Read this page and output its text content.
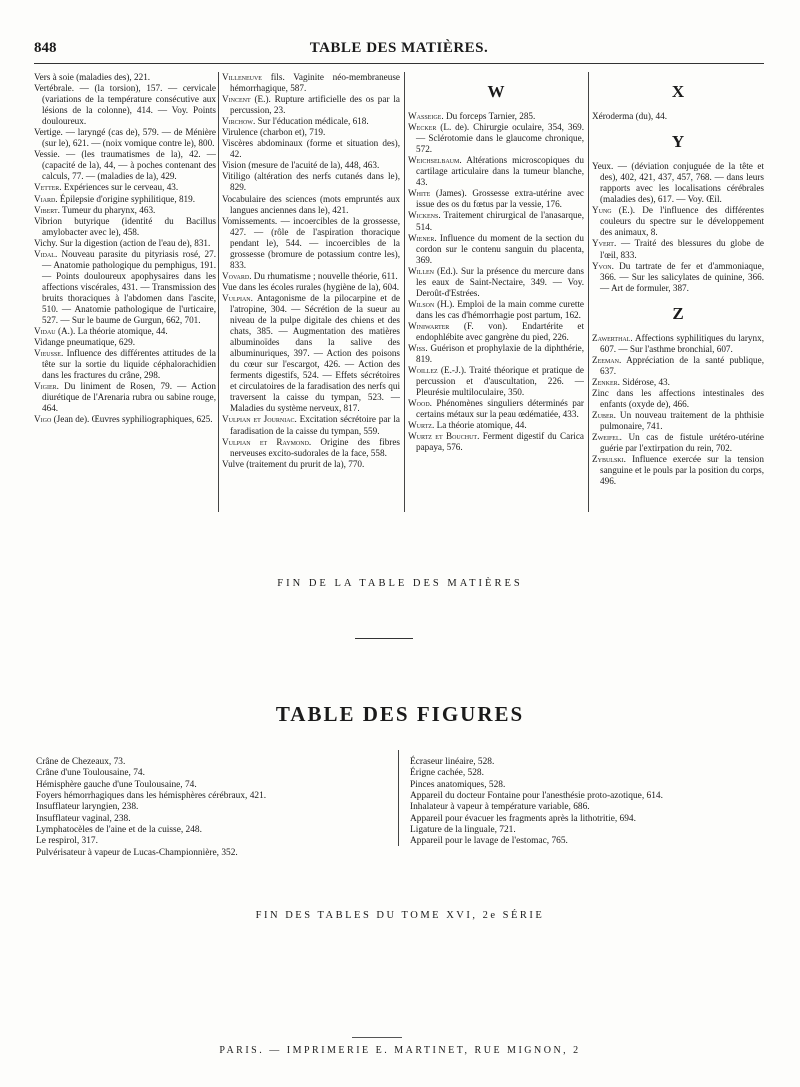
848	TABLE DES MATIÈRES.

Vers à soie (maladies des), 221.

Vertébrale. — (la torsion), 157. — cervicale (variations de la température consécutive aux lésions de la colonne), 414. — Voy. Points douloureux.

Vertige. — laryngé (cas de), 579. — de Ménière (sur le), 621. — (noix vomique contre le), 800.

Vessie. — (les traumatismes de la), 42. — (capacité de la), 44, — à poches contenant des calculs, 77. — (maladies de la), 429.

Vetter. Expériences sur le cerveau, 43.

Viard. Épilepsie d'origine syphilitique, 819.

Vibert. Tumeur du pharynx, 463.

Vibrion butyrique (identité du Bacillus amylobacter avec le), 458.

Vichy. Sur la digestion (action de l'eau de), 831.

Vidal. Nouveau parasite du pityriasis rosé, 27. — Anatomie pathologique du pemphigus, 191. — Points douloureux apophysaires dans les affections viscérales, 431. — Transmission des bruits thoraciques à l'abdomen dans l'ascite, 510. — Anatomie pathologique de l'urticaire, 527. — Sur le baume de Gurgun, 662, 701.

Vidau (A.). La théorie atomique, 44.

Vidange pneumatique, 629.

Vieusse. Influence des différentes attitudes de la tête sur la sortie du liquide céphalorachidien dans les fractures du crâne, 298.

Vigier. Du liniment de Rosen, 79. — Action diurétique de l'Arenaria rubra ou sabine rouge, 464.

Vigo (Jean de). Œuvres syphiliographiques, 625.

Villeneuve fils. Vaginite néo-membraneuse hémorrhagique, 587.

Vincent (E.). Rupture artificielle des os par la percussion, 23.

Virchow. Sur l'éducation médicale, 618.

Virulence (charbon et), 719.

Viscères abdominaux (forme et situation des), 42.

Vision (mesure de l'acuité de la), 448, 463.

Vitiligo (altération des nerfs cutanés dans le), 829.

Vocabulaire des sciences (mots empruntés aux langues anciennes dans le), 421.

Vomissements. — incoercibles de la grossesse, 427. — (rôle de l'aspiration thoracique pendant le), 544. — incoercibles de la grossesse (bromure de potassium contre les), 833.

Vovard. Du rhumatisme ; nouvelle théorie, 611.

Vue dans les écoles rurales (hygiène de la), 604.

Vulpian. Antagonisme de la pilocarpine et de l'atropine, 304. — Sécrétion de la sueur au niveau de la pulpe digitale des chiens et des chats, 385. — Augmentation des matières albuminoïdes dans la salive des albuminuriques, 397. — Action des poisons du cœur sur l'escargot, 426. — Action des ferments digestifs, 524. — Effets sécrétoires et circulatoires de la faradisation des nerfs qui traversent la caisse du tympan, 523. — Maladies du système nerveux, 817.

Vulpian et Journiac. Excitation sécrétoire par la faradisation de la caisse du tympan, 559.

Vulpian et Raymond. Origine des fibres nerveuses excito-sudorales de la face, 558.

Vulve (traitement du prurit de la), 770.

W

Wasseige. Du forceps Tarnier, 285.

Wecker (L. de). Chirurgie oculaire, 354, 369. — Sclérotomie dans le glaucome chronique, 572.

Weichselbaum. Altérations microscopiques du cartilage articulaire dans la tumeur blanche, 43.

White (James). Grossesse extra-utérine avec issue des os du fœtus par la vessie, 176.

Wickens. Traitement chirurgical de l'anasarque, 514.

Wiener. Influence du moment de la section du cordon sur le contenu sanguin du placenta, 369.

Willen (Ed.). Sur la présence du mercure dans les eaux de Saint-Nectaire, 349. — Voy. Deroût-d'Estrées.

Wilson (H.). Emploi de la main comme curette dans les cas d'hémorrhagie post partum, 162.

Winiwarter (F. von). Endartérite et endophlébite avec gangrène du pied, 226.

Wiss. Guérison et prophylaxie de la diphthérie, 819.

Woillez (E.-J.). Traité théorique et pratique de percussion et d'auscultation, 226. — Pleurésie multiloculaire, 350.

Wood. Phénomènes singuliers déterminés par certains métaux sur la peau œdématiée, 433.

Wurtz. La théorie atomique, 44.

Wurtz et Bouchut. Ferment digestif du Carica papaya, 576.

X

Xéroderma (du), 44.

Y

Yeux. — (déviation conjuguée de la tête et des), 402, 421, 437, 457, 768. — dans leurs rapports avec les localisations cérébrales (maladies des), 617. — Voy. Œil.

Yung (E.). De l'influence des différentes couleurs du spectre sur le développement des animaux, 8.

Yvert. — Traité des blessures du globe de l'œil, 833.

Yvon. Du tartrate de fer et d'ammoniaque, 366. — Sur les salicylates de quinine, 366. — Art de formuler, 387.

Z

Zawerthal. Affections syphilitiques du larynx, 607. — Sur l'asthme bronchial, 607.

Zeeman. Appréciation de la santé publique, 637.

Zenker. Sidérose, 43.

Zinc dans les affections intestinales des enfants (oxyde de), 466.

Zuber. Un nouveau traitement de la phthisie pulmonaire, 741.

Zweifel. Un cas de fistule urétéro-utérine guérie par l'extirpation du rein, 702.

Zybulski. Influence exercée sur la tension sanguine et le pouls par la position du corps, 496.

FIN DE LA TABLE DES MATIÈRES
TABLE DES FIGURES
Crâne de Chezeaux, 73.
Crâne d'une Toulousaine, 74.
Hémisphère gauche d'une Toulousaine, 74.
Foyers hémorrhagiques dans les hémisphères cérébraux, 421.
Insufflateur laryngien, 238.
Insufflateur vaginal, 238.
Lymphatocèles de l'aine et de la cuisse, 248.
Le respirol, 317.
Pulvérisateur à vapeur de Lucas-Championnière, 352.
Écraseur linéaire, 528.
Érigne cachée, 528.
Pinces anatomiques, 528.
Appareil du docteur Fontaine pour l'anesthésie proto-azotique, 614.
Inhalateur à vapeur à température variable, 686.
Appareil pour évacuer les fragments après la lithotritie, 694.
Ligature de la linguale, 721.
Appareil pour le lavage de l'estomac, 765.
FIN DES TABLES DU TOME XVI, 2e SÉRIE
PARIS. — IMPRIMERIE E. MARTINET, RUE MIGNON, 2
